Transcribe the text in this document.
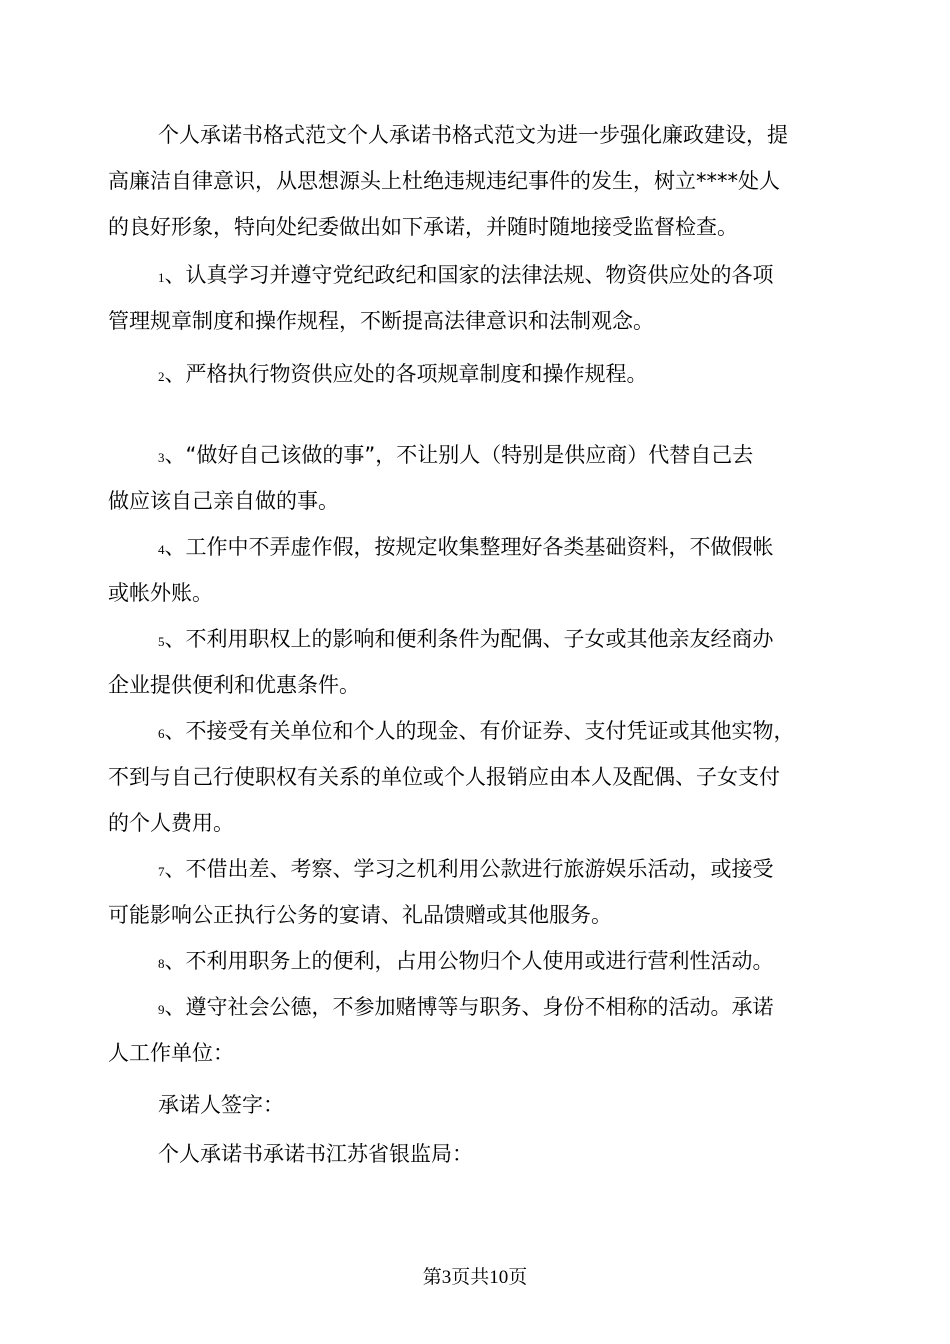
个人承诺书格式范文个人承诺书格式范文为进一步强化廉政建设，提
高廉洁自律意识，从思想源头上杜绝违规违纪事件的发生，树立****处人
的良好形象，特向处纪委做出如下承诺，并随时随地接受监督检查。
1、认真学习并遵守党纪政纪和国家的法律法规、物资供应处的各项
管理规章制度和操作规程，不断提高法律意识和法制观念。
2、严格执行物资供应处的各项规章制度和操作规程。
3、“做好自己该做的事”，不让别人（特别是供应商）代替自己去
做应该自己亲自做的事。
4、工作中不弄虚作假，按规定收集整理好各类基础资料，不做假帐
或帐外账。
5、不利用职权上的影响和便利条件为配偶、子女或其他亲友经商办
企业提供便利和优惠条件。
6、不接受有关单位和个人的现金、有价证券、支付凭证或其他实物，
不到与自己行使职权有关系的单位或个人报销应由本人及配偶、子女支付
的个人费用。
7、不借出差、考察、学习之机利用公款进行旅游娱乐活动，或接受
可能影响公正执行公务的宴请、礼品馈赠或其他服务。
8、不利用职务上的便利，占用公物归个人使用或进行营利性活动。
9、遵守社会公德，不参加赌博等与职务、身份不相称的活动。承诺
人工作单位：
承诺人签字：
个人承诺书承诺书江苏省银监局：
第3页共10页
